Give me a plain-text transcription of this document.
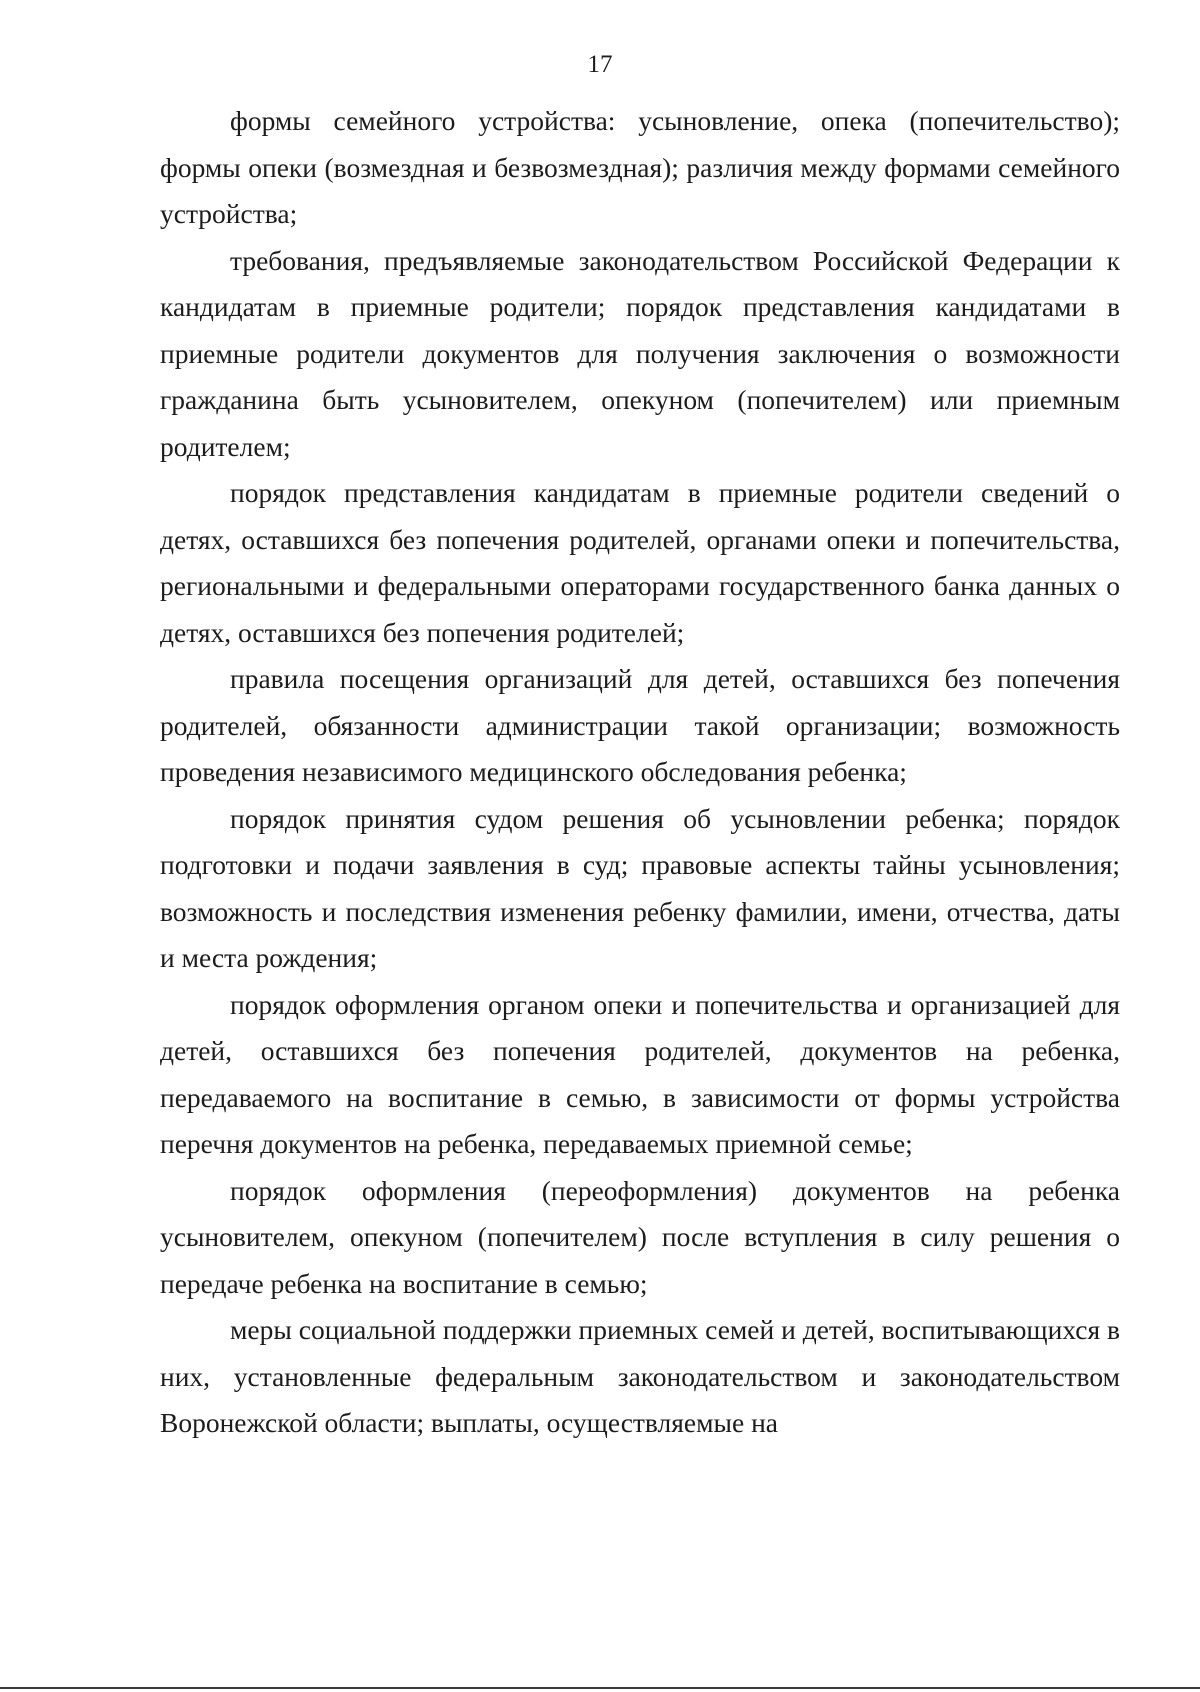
17

формы семейного устройства: усыновление, опека (попечительство); формы опеки (возмездная и безвозмездная); различия между формами семейного устройства;

требования, предъявляемые законодательством Российской Федерации к кандидатам в приемные родители; порядок представления кандидатами в приемные родители документов для получения заключения о возможности гражданина быть усыновителем, опекуном (попечителем) или приемным родителем;

порядок представления кандидатам в приемные родители сведений о детях, оставшихся без попечения родителей, органами опеки и попечительства, региональными и федеральными операторами государственного банка данных о детях, оставшихся без попечения родителей;

правила посещения организаций для детей, оставшихся без попечения родителей, обязанности администрации такой организации; возможность проведения независимого медицинского обследования ребенка;

порядок принятия судом решения об усыновлении ребенка; порядок подготовки и подачи заявления в суд; правовые аспекты тайны усыновления; возможность и последствия изменения ребенку фамилии, имени, отчества, даты и места рождения;

порядок оформления органом опеки и попечительства и организацией для детей, оставшихся без попечения родителей, документов на ребенка, передаваемого на воспитание в семью, в зависимости от формы устройства перечня документов на ребенка, передаваемых приемной семье;

порядок оформления (переоформления) документов на ребенка усыновителем, опекуном (попечителем) после вступления в силу решения о передаче ребенка на воспитание в семью;

меры социальной поддержки приемных семей и детей, воспитывающихся в них, установленные федеральным законодательством и законодательством Воронежской области; выплаты, осуществляемые на
